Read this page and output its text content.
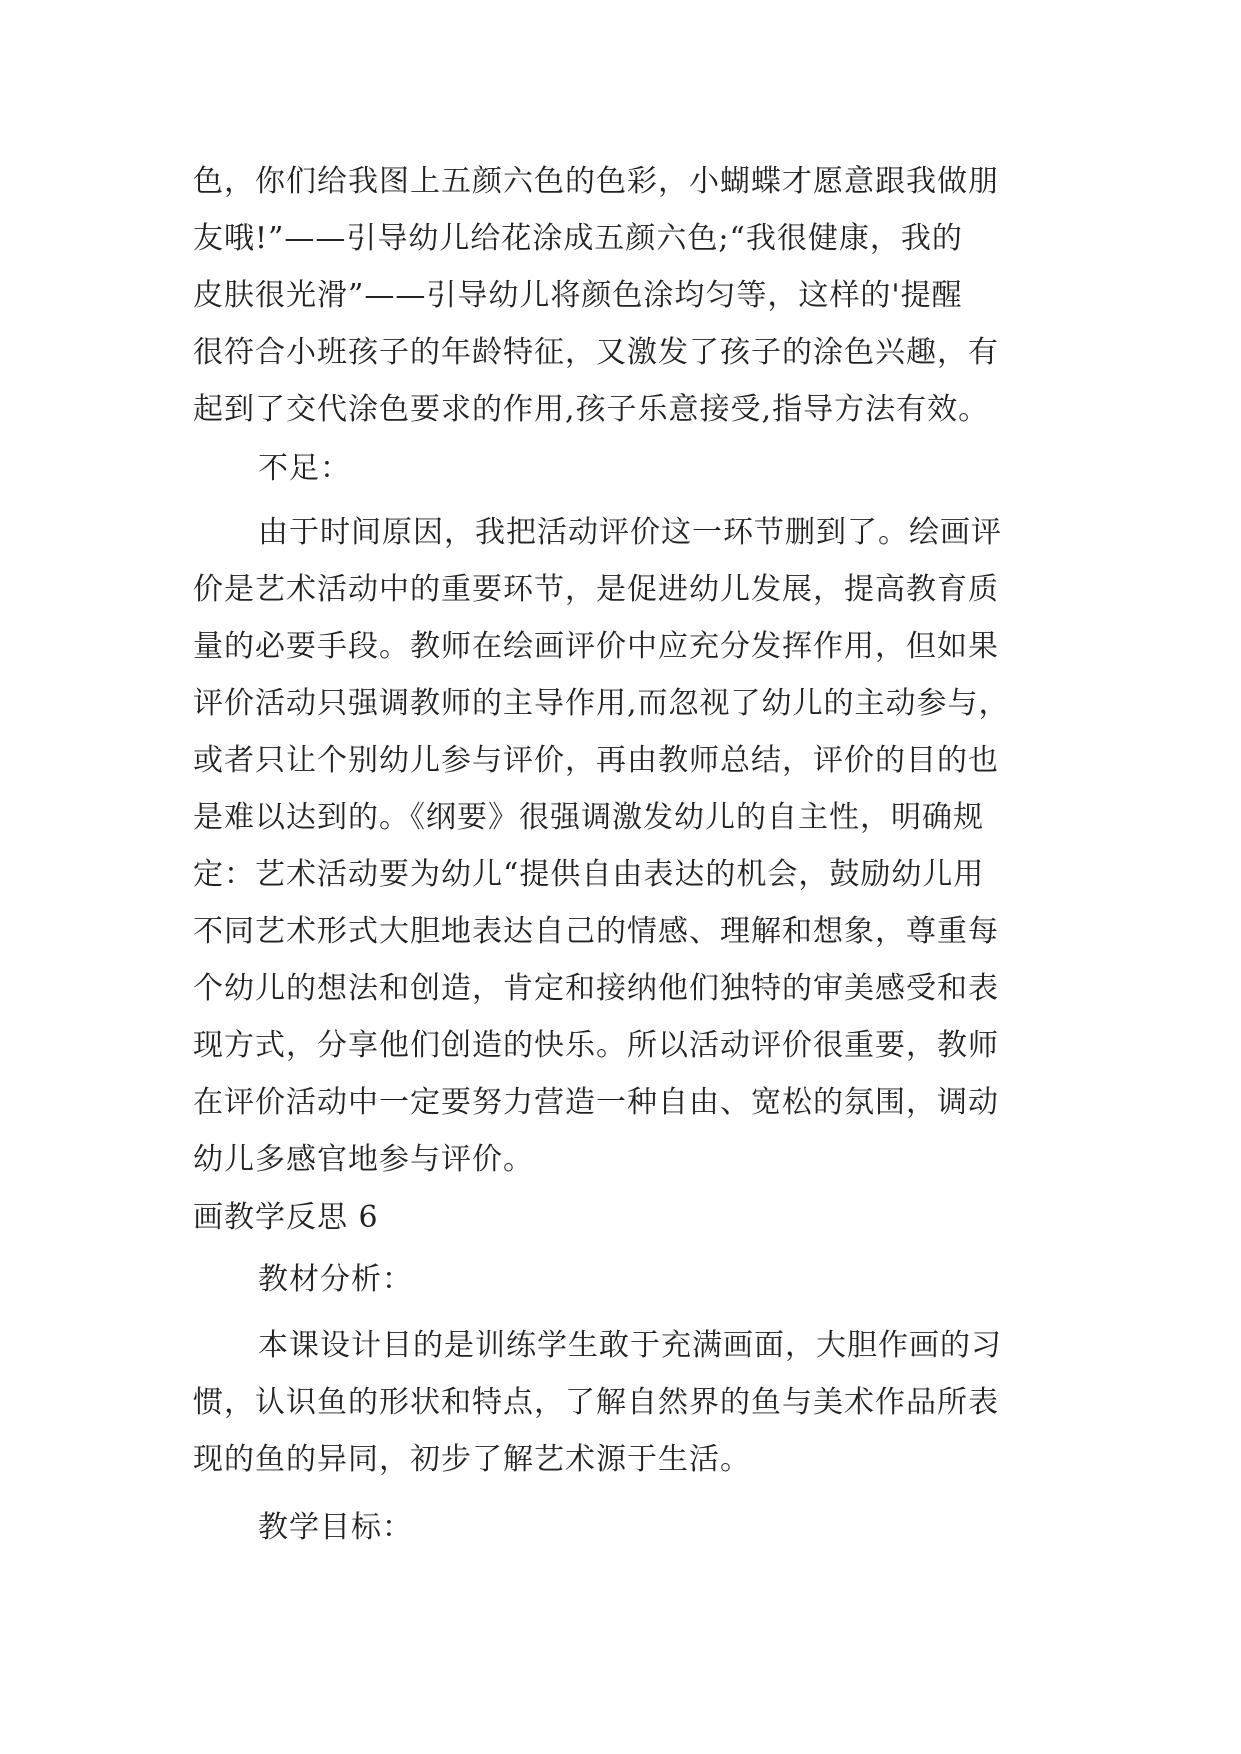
色，你们给我图上五颜六色的色彩，小蝴蝶才愿意跟我做朋
友哦!”——引导幼儿给花涂成五颜六色;“我很健康，我的
皮肤很光滑”——引导幼儿将颜色涂均匀等，这样的'提醒
很符合小班孩子的年龄特征，又激发了孩子的涂色兴趣，有
起到了交代涂色要求的作用,孩子乐意接受,指导方法有效。
不足：
由于时间原因，我把活动评价这一环节删到了。绘画评
价是艺术活动中的重要环节，是促进幼儿发展，提高教育质
量的必要手段。教师在绘画评价中应充分发挥作用，但如果
评价活动只强调教师的主导作用,而忽视了幼儿的主动参与，
或者只让个别幼儿参与评价，再由教师总结，评价的目的也
是难以达到的。《纲要》很强调激发幼儿的自主性，明确规
定：艺术活动要为幼儿“提供自由表达的机会，鼓励幼儿用
不同艺术形式大胆地表达自己的情感、理解和想象，尊重每
个幼儿的想法和创造，肯定和接纳他们独特的审美感受和表
现方式，分享他们创造的快乐。所以活动评价很重要，教师
在评价活动中一定要努力营造一种自由、宽松的氛围，调动
幼儿多感官地参与评价。
画教学反思 6
教材分析：
本课设计目的是训练学生敢于充满画面，大胆作画的习
惯，认识鱼的形状和特点，了解自然界的鱼与美术作品所表
现的鱼的异同，初步了解艺术源于生活。
教学目标：
